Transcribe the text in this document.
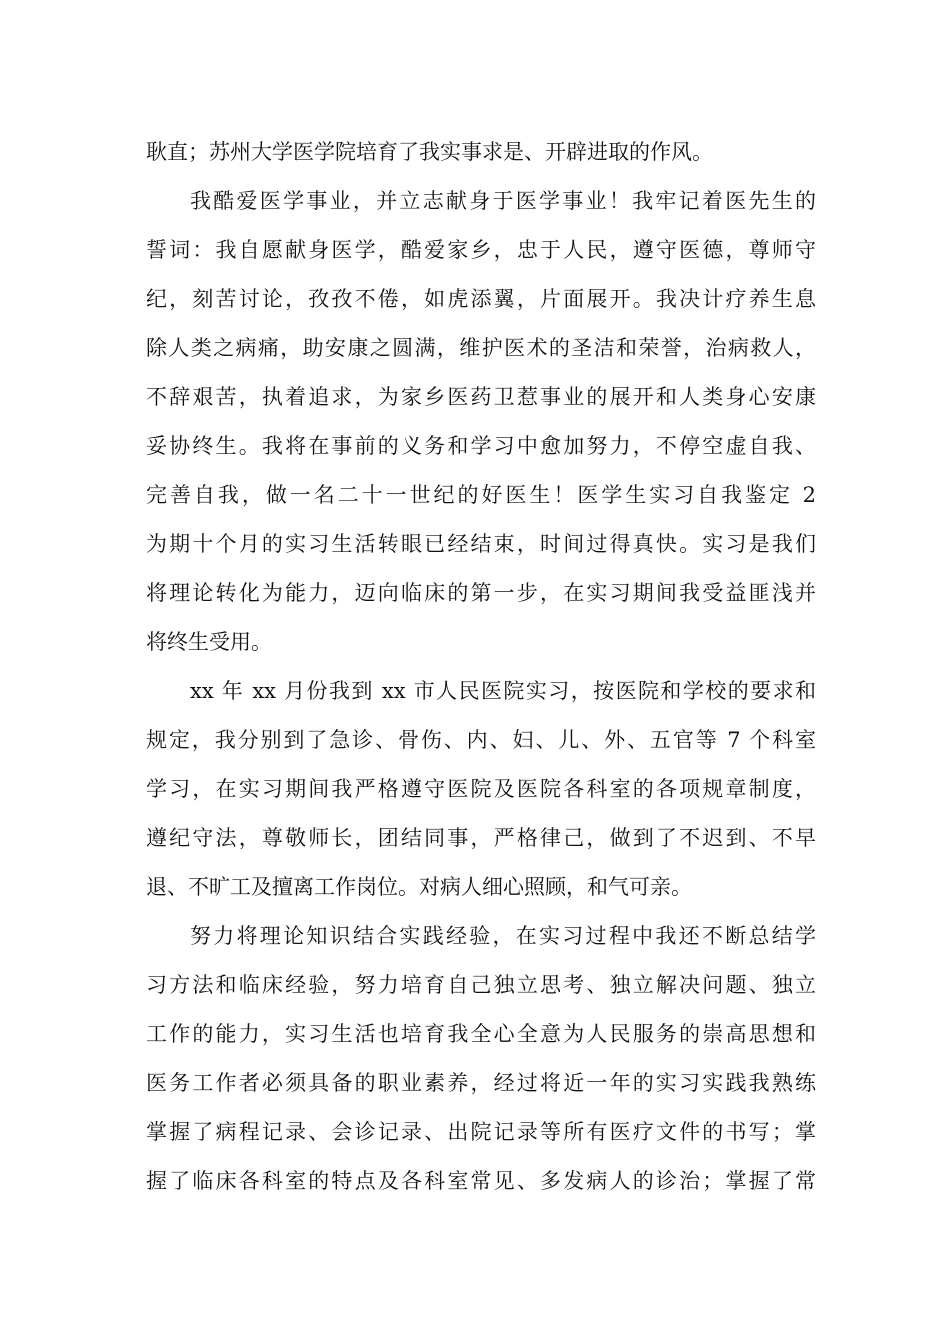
耿直；苏州大学医学院培育了我实事求是、开辟进取的作风。
我酷爱医学事业，并立志献身于医学事业！我牢记着医先生的
誓词：我自愿献身医学，酷爱家乡，忠于人民，遵守医德，尊师守
纪，刻苦讨论，孜孜不倦，如虎添翼，片面展开。我决计疗养生息
除人类之病痛，助安康之圆满，维护医术的圣洁和荣誉，治病救人，
不辞艰苦，执着追求，为家乡医药卫惹事业的展开和人类身心安康
妥协终生。我将在事前的义务和学习中愈加努力，不停空虚自我、
完善自我，做一名二十一世纪的好医生！医学生实习自我鉴定 2
为期十个月的实习生活转眼已经结束，时间过得真快。实习是我们
将理论转化为能力，迈向临床的第一步，在实习期间我受益匪浅并
将终生受用。
xx 年 xx 月份我到 xx 市人民医院实习，按医院和学校的要求和
规定，我分别到了急诊、骨伤、内、妇、儿、外、五官等 7 个科室
学习，在实习期间我严格遵守医院及医院各科室的各项规章制度，
遵纪守法，尊敬师长，团结同事，严格律己，做到了不迟到、不早
退、不旷工及擅离工作岗位。对病人细心照顾，和气可亲。
努力将理论知识结合实践经验，在实习过程中我还不断总结学
习方法和临床经验，努力培育自己独立思考、独立解决问题、独立
工作的能力，实习生活也培育我全心全意为人民服务的崇高思想和
医务工作者必须具备的职业素养，经过将近一年的实习实践我熟练
掌握了病程记录、会诊记录、出院记录等所有医疗文件的书写；掌
握了临床各科室的特点及各科室常见、多发病人的诊治；掌握了常
